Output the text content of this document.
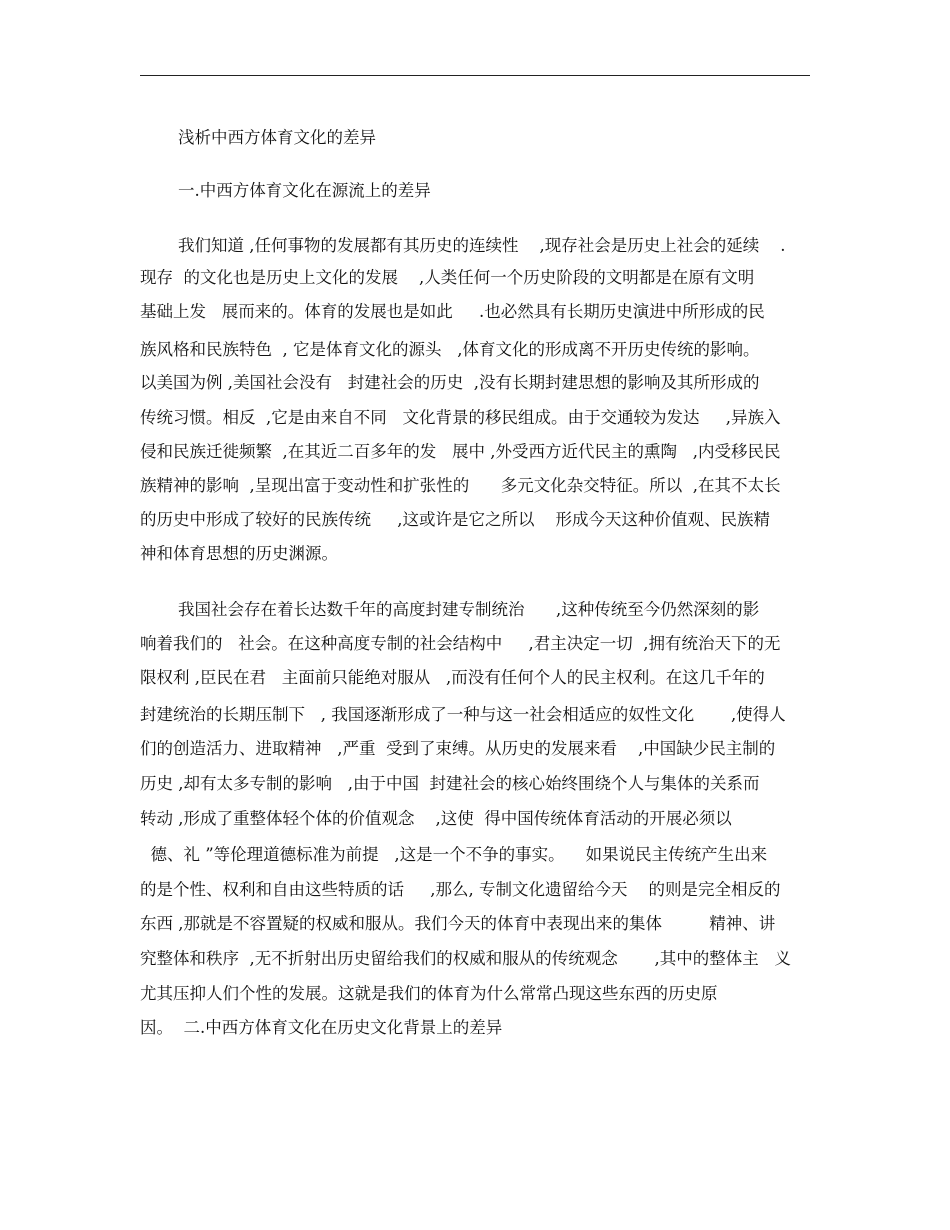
浅析中西方体育文化的差异
一.中西方体育文化在源流上的差异
我们知道 ,任何事物的发展都有其历史的连续性    ,现存社会是历史上社会的延续    .
现存  的文化也是历史上文化的发展    ,人类任何一个历史阶段的文明都是在原有文明
基础上发   展而来的。体育的发展也是如此     .也必然具有长期历史演进中所形成的民
族风格和民族特色  , 它是体育文化的源头   ,体育文化的形成离不开历史传统的影响。
以美国为例 ,美国社会没有   封建社会的历史  ,没有长期封建思想的影响及其所形成的
传统习惯。相反  ,它是由来自不同   文化背景的移民组成。由于交通较为发达     ,异族入
侵和民族迁徙频繁  ,在其近二百多年的发   展中 ,外受西方近代民主的熏陶   ,内受移民民
族精神的影响  ,呈现出富于变动性和扩张性的      多元文化杂交特征。所以  ,在其不太长
的历史中形成了较好的民族传统     ,这或许是它之所以    形成今天这种价值观、民族精
神和体育思想的历史渊源。
我国社会存在着长达数千年的高度封建专制统治      ,这种传统至今仍然深刻的影
响着我们的   社会。在这种高度专制的社会结构中     ,君主决定一切  ,拥有统治天下的无
限权利 ,臣民在君   主面前只能绝对服从   ,而没有任何个人的民主权利。在这几千年的
封建统治的长期压制下   , 我国逐渐形成了一种与这一社会相适应的奴性文化       ,使得人
们的创造活力、进取精神   ,严重  受到了束缚。从历史的发展来看    ,中国缺少民主制的
历史 ,却有太多专制的影响   ,由于中国  封建社会的核心始终围绕个人与集体的关系而
转动 ,形成了重整体轻个体的价值观念    ,这使  得中国传统体育活动的开展必须以
德、礼 ”等伦理道德标准为前提   ,这是一个不争的事实。    如果说民主传统产生出来
的是个性、权利和自由这些特质的话     ,那么, 专制文化遗留给今天    的则是完全相反的
东西 ,那就是不容置疑的权威和服从。我们今天的体育中表现出来的集体         精神、讲
究整体和秩序  ,无不折射出历史留给我们的权威和服从的传统观念       ,其中的整体主   义
尤其压抑人们个性的发展。这就是我们的体育为什么常常凸现这些东西的历史原
因。  二.中西方体育文化在历史文化背景上的差异
